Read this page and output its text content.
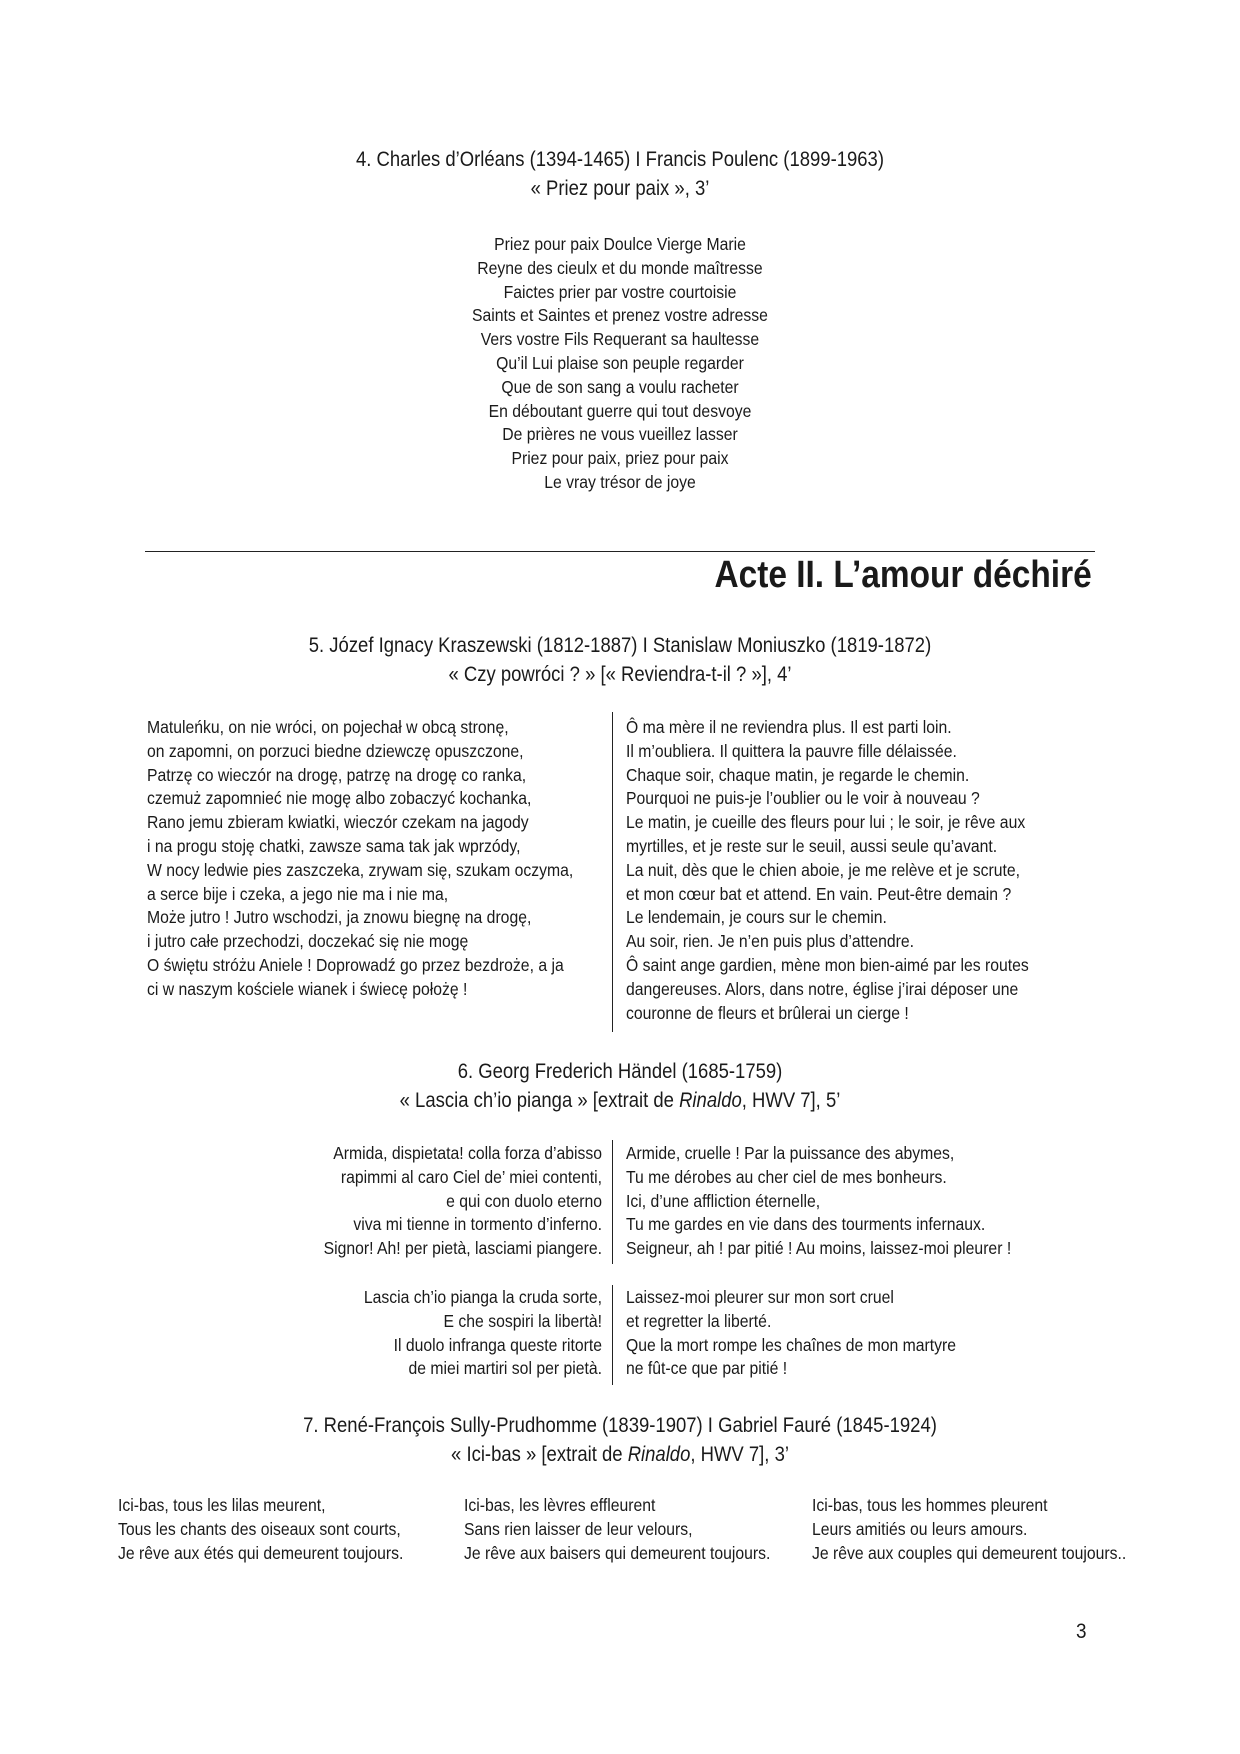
4. Charles d’Orléans (1394-1465) I Francis Poulenc (1899-1963)
« Priez pour paix », 3’
Priez pour paix Doulce Vierge Marie
Reyne des cieulx et du monde maîtresse
Faictes prier par vostre courtoisie
Saints et Saintes et prenez vostre adresse
Vers vostre Fils Requerant sa haultesse
Qu’il Lui plaise son peuple regarder
Que de son sang a voulu racheter
En déboutant guerre qui tout desvoye
De prières ne vous vueillez lasser
Priez pour paix, priez pour paix
Le vray trésor de joye
Acte II. L’amour déchiré
5. Józef Ignacy Kraszewski (1812-1887) I Stanislaw Moniuszko (1819-1872)
« Czy powróci ? » [« Reviendra-t-il ? »], 4’
Matuleńku, on nie wróci, on pojechał w obcą stronę,
on zapomni, on porzuci biedne dziewczę opuszczone,
Patrzę co wieczór na drogę, patrzę na drogę co ranka,
czemuż zapomnieć nie mogę albo zobaczyć kochanka,
Rano jemu zbieram kwiatki, wieczór czekam na jagody
i na progu stoję chatki, zawsze sama tak jak wprzódy,
W nocy ledwie pies zaszczeka, zrywam się, szukam oczyma,
a serce bije i czeka, a jego nie ma i nie ma,
Może jutro ! Jutro wschodzi, ja znowu biegnę na drogę,
i jutro całe przechodzi, doczekać się nie mogę
O świętu stróżu Aniele ! Doprowadź go przez bezdroże, a ja
ci w naszym kościele wianek i świecę położę !
Ô ma mère il ne reviendra plus. Il est parti loin.
Il m’oubliera. Il quittera la pauvre fille délaissée.
Chaque soir, chaque matin, je regarde le chemin.
Pourquoi ne puis-je l’oublier ou le voir à nouveau ?
Le matin, je cueille des fleurs pour lui ; le soir, je rêve aux
myrtilles, et je reste sur le seuil, aussi seule qu’avant.
La nuit, dès que le chien aboie, je me relève et je scrute,
et mon cœur bat et attend. En vain. Peut-être demain ?
Le lendemain, je cours sur le chemin.
Au soir, rien. Je n’en puis plus d’attendre.
Ô saint ange gardien, mène mon bien-aimé par les routes
dangereuses. Alors, dans notre, église j’irai déposer une
couronne de fleurs et brûlerai un cierge !
6. Georg Frederich Händel (1685-1759)
« Lascia ch’io pianga » [extrait de Rinaldo, HWV 7], 5’
Armida, dispietata! colla forza d’abisso
rapimmi al caro Ciel de’ miei contenti,
e qui con duolo eterno
viva mi tienne in tormento d’inferno.
Signor! Ah! per pietà, lasciami piangere.
Lascia ch’io pianga la cruda sorte,
E che sospiri la libertà!
Il duolo infranga queste ritorte
de miei martiri sol per pietà.
Armide, cruelle ! Par la puissance des abymes,
Tu me dérobes au cher ciel de mes bonheurs.
Ici, d’une affliction éternelle,
Tu me gardes en vie dans des tourments infernaux.
Seigneur, ah ! par pitié ! Au moins, laissez-moi pleurer !
Laissez-moi pleurer sur mon sort cruel
et regretter la liberté.
Que la mort rompe les chaînes de mon martyre
ne fût-ce que par pitié !
7. René-François Sully-Prudhomme (1839-1907) I Gabriel Fauré (1845-1924)
« Ici-bas » [extrait de Rinaldo, HWV 7], 3’
Ici-bas, tous les lilas meurent,
Tous les chants des oiseaux sont courts,
Je rêve aux étés qui demeurent toujours.
Ici-bas, les lèvres effleurent
Sans rien laisser de leur velours,
Je rêve aux baisers qui demeurent toujours.
Ici-bas, tous les hommes pleurent
Leurs amitiés ou leurs amours.
Je rêve aux couples qui demeurent toujours..
3
